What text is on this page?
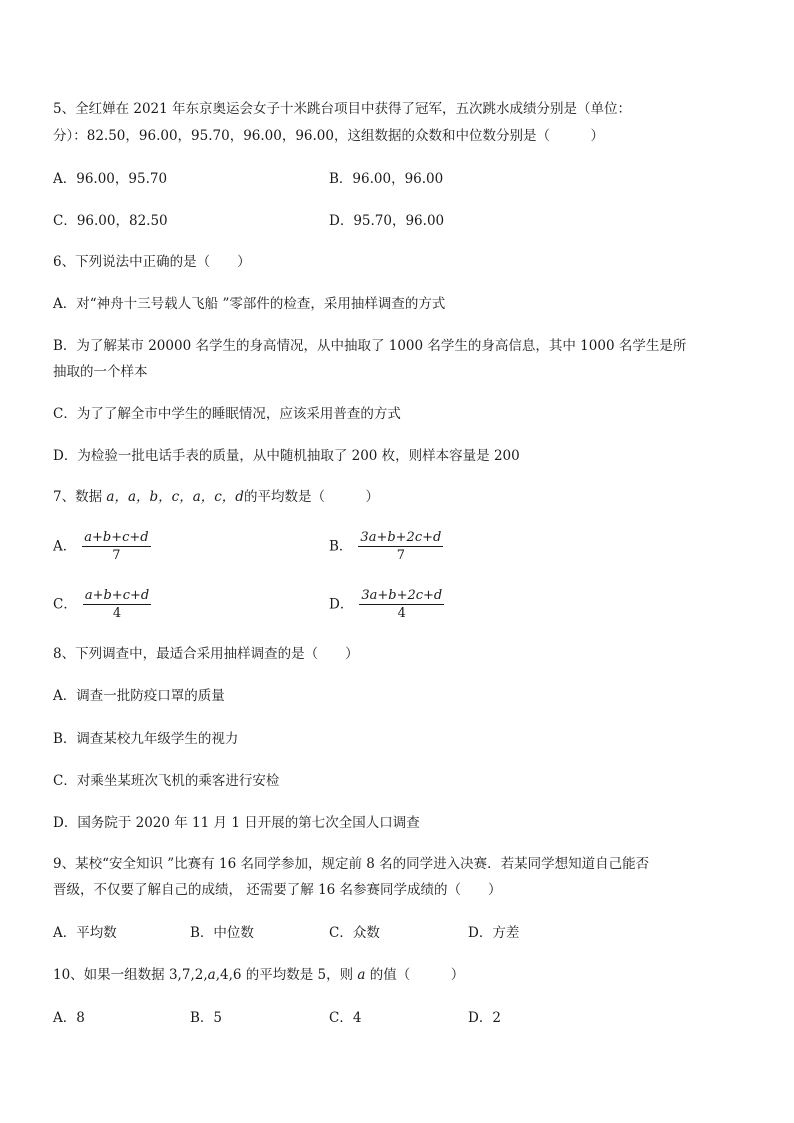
5、全红婵在 2021 年东京奥运会女子十米跳台项目中获得了冠军，五次跳水成绩分别是（单位：
分）：82.50，96.00，95.70，96.00，96.00，这组数据的众数和中位数分别是（　　　）
A．96.00，95.70	B．96.00，96.00
C．96.00，82.50	D．95.70，96.00
6、下列说法中正确的是（　　）
A．对“神舟十三号载人飞船 ”零部件的检查，采用抽样调查的方式
B．为了解某市 20000 名学生的身高情况，从中抽取了 1000 名学生的身高信息，其中 1000 名学生是所
抽取的一个样本
C．为了了解全市中学生的睡眠情况，应该采用普查的方式
D．为检验一批电话手表的质量，从中随机抽取了 200 枚，则样本容量是 200
7、数据 a，a，b，c，a，c，d的平均数是（　　　）
A． $\frac{a+b+c+d}{7}$	B． $\frac{3a+b+2c+d}{7}$
C． $\frac{a+b+c+d}{4}$	D． $\frac{3a+b+2c+d}{4}$
8、下列调查中，最适合采用抽样调查的是（　　）
A．调查一批防疫口罩的质量
B．调查某校九年级学生的视力
C．对乘坐某班次飞机的乘客进行安检
D．国务院于 2020 年 11 月 1 日开展的第七次全国人口调查
9、某校“安全知识 ”比赛有 16 名同学参加，规定前 8 名的同学进入决赛．若某同学想知道自己能否
晋级，不仅要了解自己的成绩， 还需要了解 16 名参赛同学成绩的（　　）
A．平均数	B．中位数	C．众数	D．方差
10、如果一组数据 3,7,2,a,4,6 的平均数是 5，则 a 的值（　　　）
A．8	B．5	C．4	D．2
